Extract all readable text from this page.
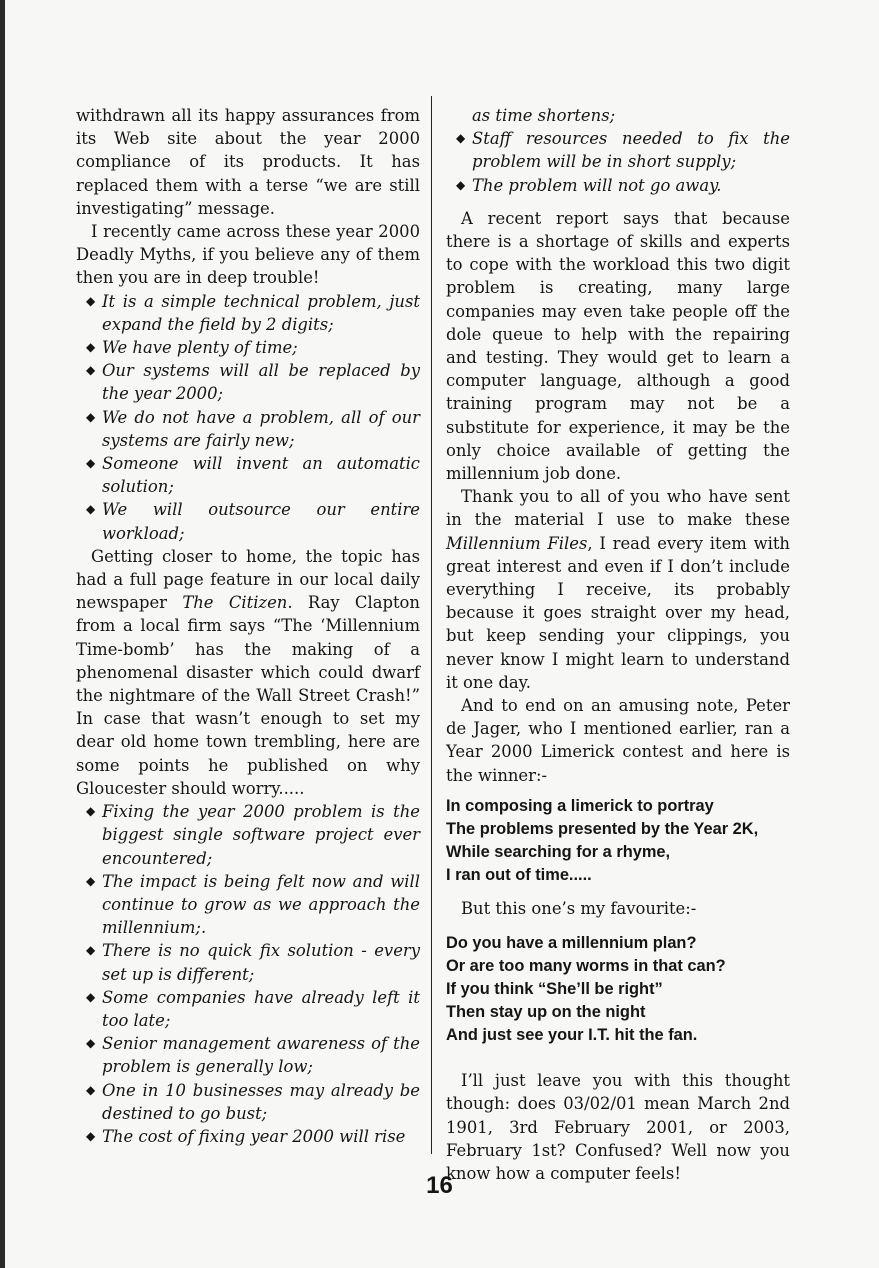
withdrawn all its happy assurances from its Web site about the year 2000 compliance of its products. It has replaced them with a terse “we are still investigating” message.

I recently came across these year 2000 Deadly Myths, if you believe any of them then you are in deep trouble!

◆ It is a simple technical problem, just expand the field by 2 digits;
◆ We have plenty of time;
◆ Our systems will all be replaced by the year 2000;
◆ We do not have a problem, all of our systems are fairly new;
◆ Someone will invent an automatic solution;
◆ We will outsource our entire workload;

Getting closer to home, the topic has had a full page feature in our local daily newspaper The Citizen. Ray Clapton from a local firm says “The ‘Millennium Time-bomb’ has the making of a phenomenal disaster which could dwarf the nightmare of the Wall Street Crash!” In case that wasn’t enough to set my dear old home town trembling, here are some points he published on why Gloucester should worry.....

◆ Fixing the year 2000 problem is the biggest single software project ever encountered;
◆ The impact is being felt now and will continue to grow as we approach the millennium;.
◆ There is no quick fix solution - every set up is different;
◆ Some companies have already left it too late;
◆ Senior management awareness of the problem is generally low;
◆ One in 10 businesses may already be destined to go bust;
◆ The cost of fixing year 2000 will rise
as time shortens;
◆ Staff resources needed to fix the problem will be in short supply;
◆ The problem will not go away.

A recent report says that because there is a shortage of skills and experts to cope with the workload this two digit problem is creating, many large companies may even take people off the dole queue to help with the repairing and testing. They would get to learn a computer language, although a good training program may not be a substitute for experience, it may be the only choice available of getting the millennium job done.

Thank you to all of you who have sent in the material I use to make these Millennium Files, I read every item with great interest and even if I don’t include everything I receive, its probably because it goes straight over my head, but keep sending your clippings, you never know I might learn to understand it one day.

And to end on an amusing note, Peter de Jager, who I mentioned earlier, ran a Year 2000 Limerick contest and here is the winner:-

In composing a limerick to portray
The problems presented by the Year 2K,
While searching for a rhyme,
I ran out of time.....

But this one’s my favourite:-

Do you have a millennium plan?
Or are too many worms in that can?
If you think “She’ll be right”
Then stay up on the night
And just see your I.T. hit the fan.

I’ll just leave you with this thought though: does 03/02/01 mean March 2nd 1901, 3rd February 2001, or 2003, February 1st? Confused? Well now you know how a computer feels!

16
